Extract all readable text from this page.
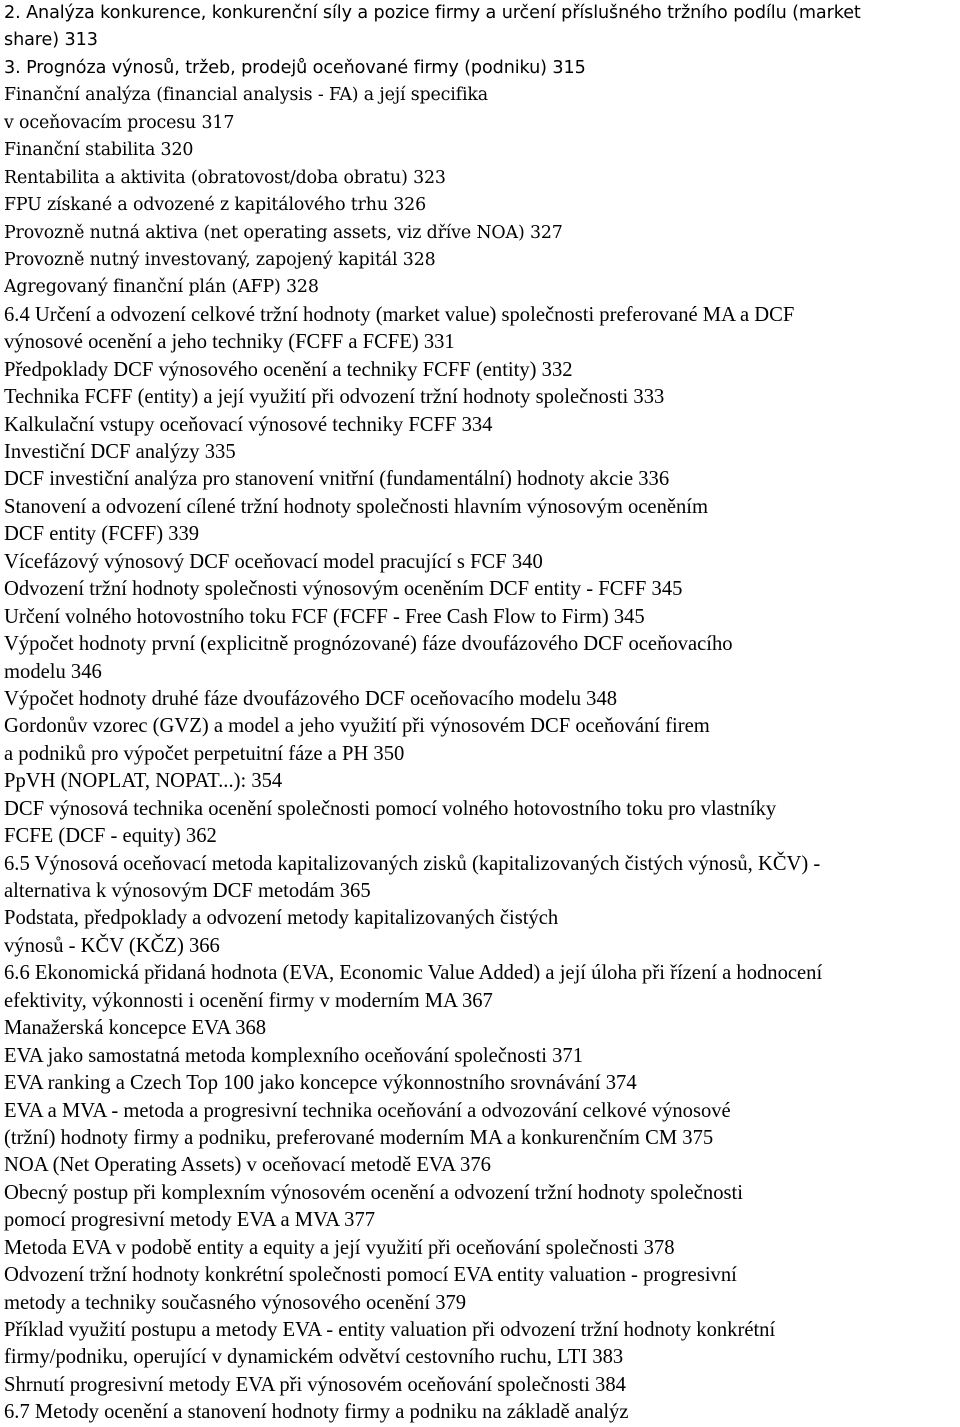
2. Analýza konkurence, konkurenční síly a pozice firmy a určení příslušného tržního podílu (market
share) 313
3. Prognóza výnosů, tržeb, prodejů oceňované firmy (podniku) 315
Finanční analýza (financial analysis - FA) a její specifika
v oceňovacím procesu 317
Finanční stabilita 320
Rentabilita a aktivita (obratovost/doba obratu) 323
FPU získané a odvozené z kapitálového trhu 326
Provozně nutná aktiva (net operating assets, viz dříve NOA) 327
Provozně nutný investovaný, zapojený kapitál 328
Agregovaný finanční plán (AFP) 328
6.4 Určení a odvození celkové tržní hodnoty (market value) společnosti preferované MA a DCF
výnosové ocenění a jeho techniky (FCFF a FCFE) 331
Předpoklady DCF výnosového ocenění a techniky FCFF (entity) 332
Technika FCFF (entity) a její využití při odvození tržní hodnoty společnosti 333
Kalkulační vstupy oceňovací výnosové techniky FCFF 334
Investiční DCF analýzy 335
DCF investiční analýza pro stanovení vnitřní (fundamentální) hodnoty akcie 336
Stanovení a odvození cílené tržní hodnoty společnosti hlavním výnosovým oceněním
DCF entity (FCFF) 339
Vícefázový výnosový DCF oceňovací model pracující s FCF 340
Odvození tržní hodnoty společnosti výnosovým oceněním DCF entity - FCFF 345
Určení volného hotovostního toku FCF (FCFF - Free Cash Flow to Firm) 345
Výpočet hodnoty první (explicitně prognózované) fáze dvoufázového DCF oceňovacího
modelu 346
Výpočet hodnoty druhé fáze dvoufázového DCF oceňovacího modelu 348
Gordonův vzorec (GVZ) a model a jeho využití při výnosovém DCF oceňování firem
a podniků pro výpočet perpetuitní fáze a PH 350
PpVH (NOPLAT, NOPAT...): 354
DCF výnosová technika ocenění společnosti pomocí volného hotovostního toku pro vlastníky
FCFE (DCF - equity) 362
6.5 Výnosová oceňovací metoda kapitalizovaných zisků (kapitalizovaných čistých výnosů, KČV) -
alternativa k výnosovým DCF metodám 365
Podstata, předpoklady a odvození metody kapitalizovaných čistých
výnosů - KČV (KČZ) 366
6.6 Ekonomická přidaná hodnota (EVA, Economic Value Added) a její úloha při řízení a hodnocení
efektivity, výkonnosti i ocenění firmy v moderním MA 367
Manažerská koncepce EVA 368
EVA jako samostatná metoda komplexního oceňování společnosti 371
EVA ranking a Czech Top 100 jako koncepce výkonnostního srovnávání 374
EVA a MVA - metoda a progresivní technika oceňování a odvozování celkové výnosové
(tržní) hodnoty firmy a podniku, preferované moderním MA a konkurenčním CM 375
NOA (Net Operating Assets) v oceňovací metodě EVA 376
Obecný postup při komplexním výnosovém ocenění a odvození tržní hodnoty společnosti
pomocí progresivní metody EVA a MVA 377
Metoda EVA v podobě entity a equity a její využití při oceňování společnosti 378
Odvození tržní hodnoty konkrétní společnosti pomocí EVA entity valuation - progresivní
metody a techniky současného výnosového ocenění 379
Příklad využití postupu a metody EVA - entity valuation při odvození tržní hodnoty konkrétní
firmy/podniku, operující v dynamickém odvětví cestovního ruchu, LTI 383
Shrnutí progresivní metody EVA při výnosovém oceňování společnosti 384
6.7 Metody ocenění a stanovení hodnoty firmy a podniku na základě analýz
